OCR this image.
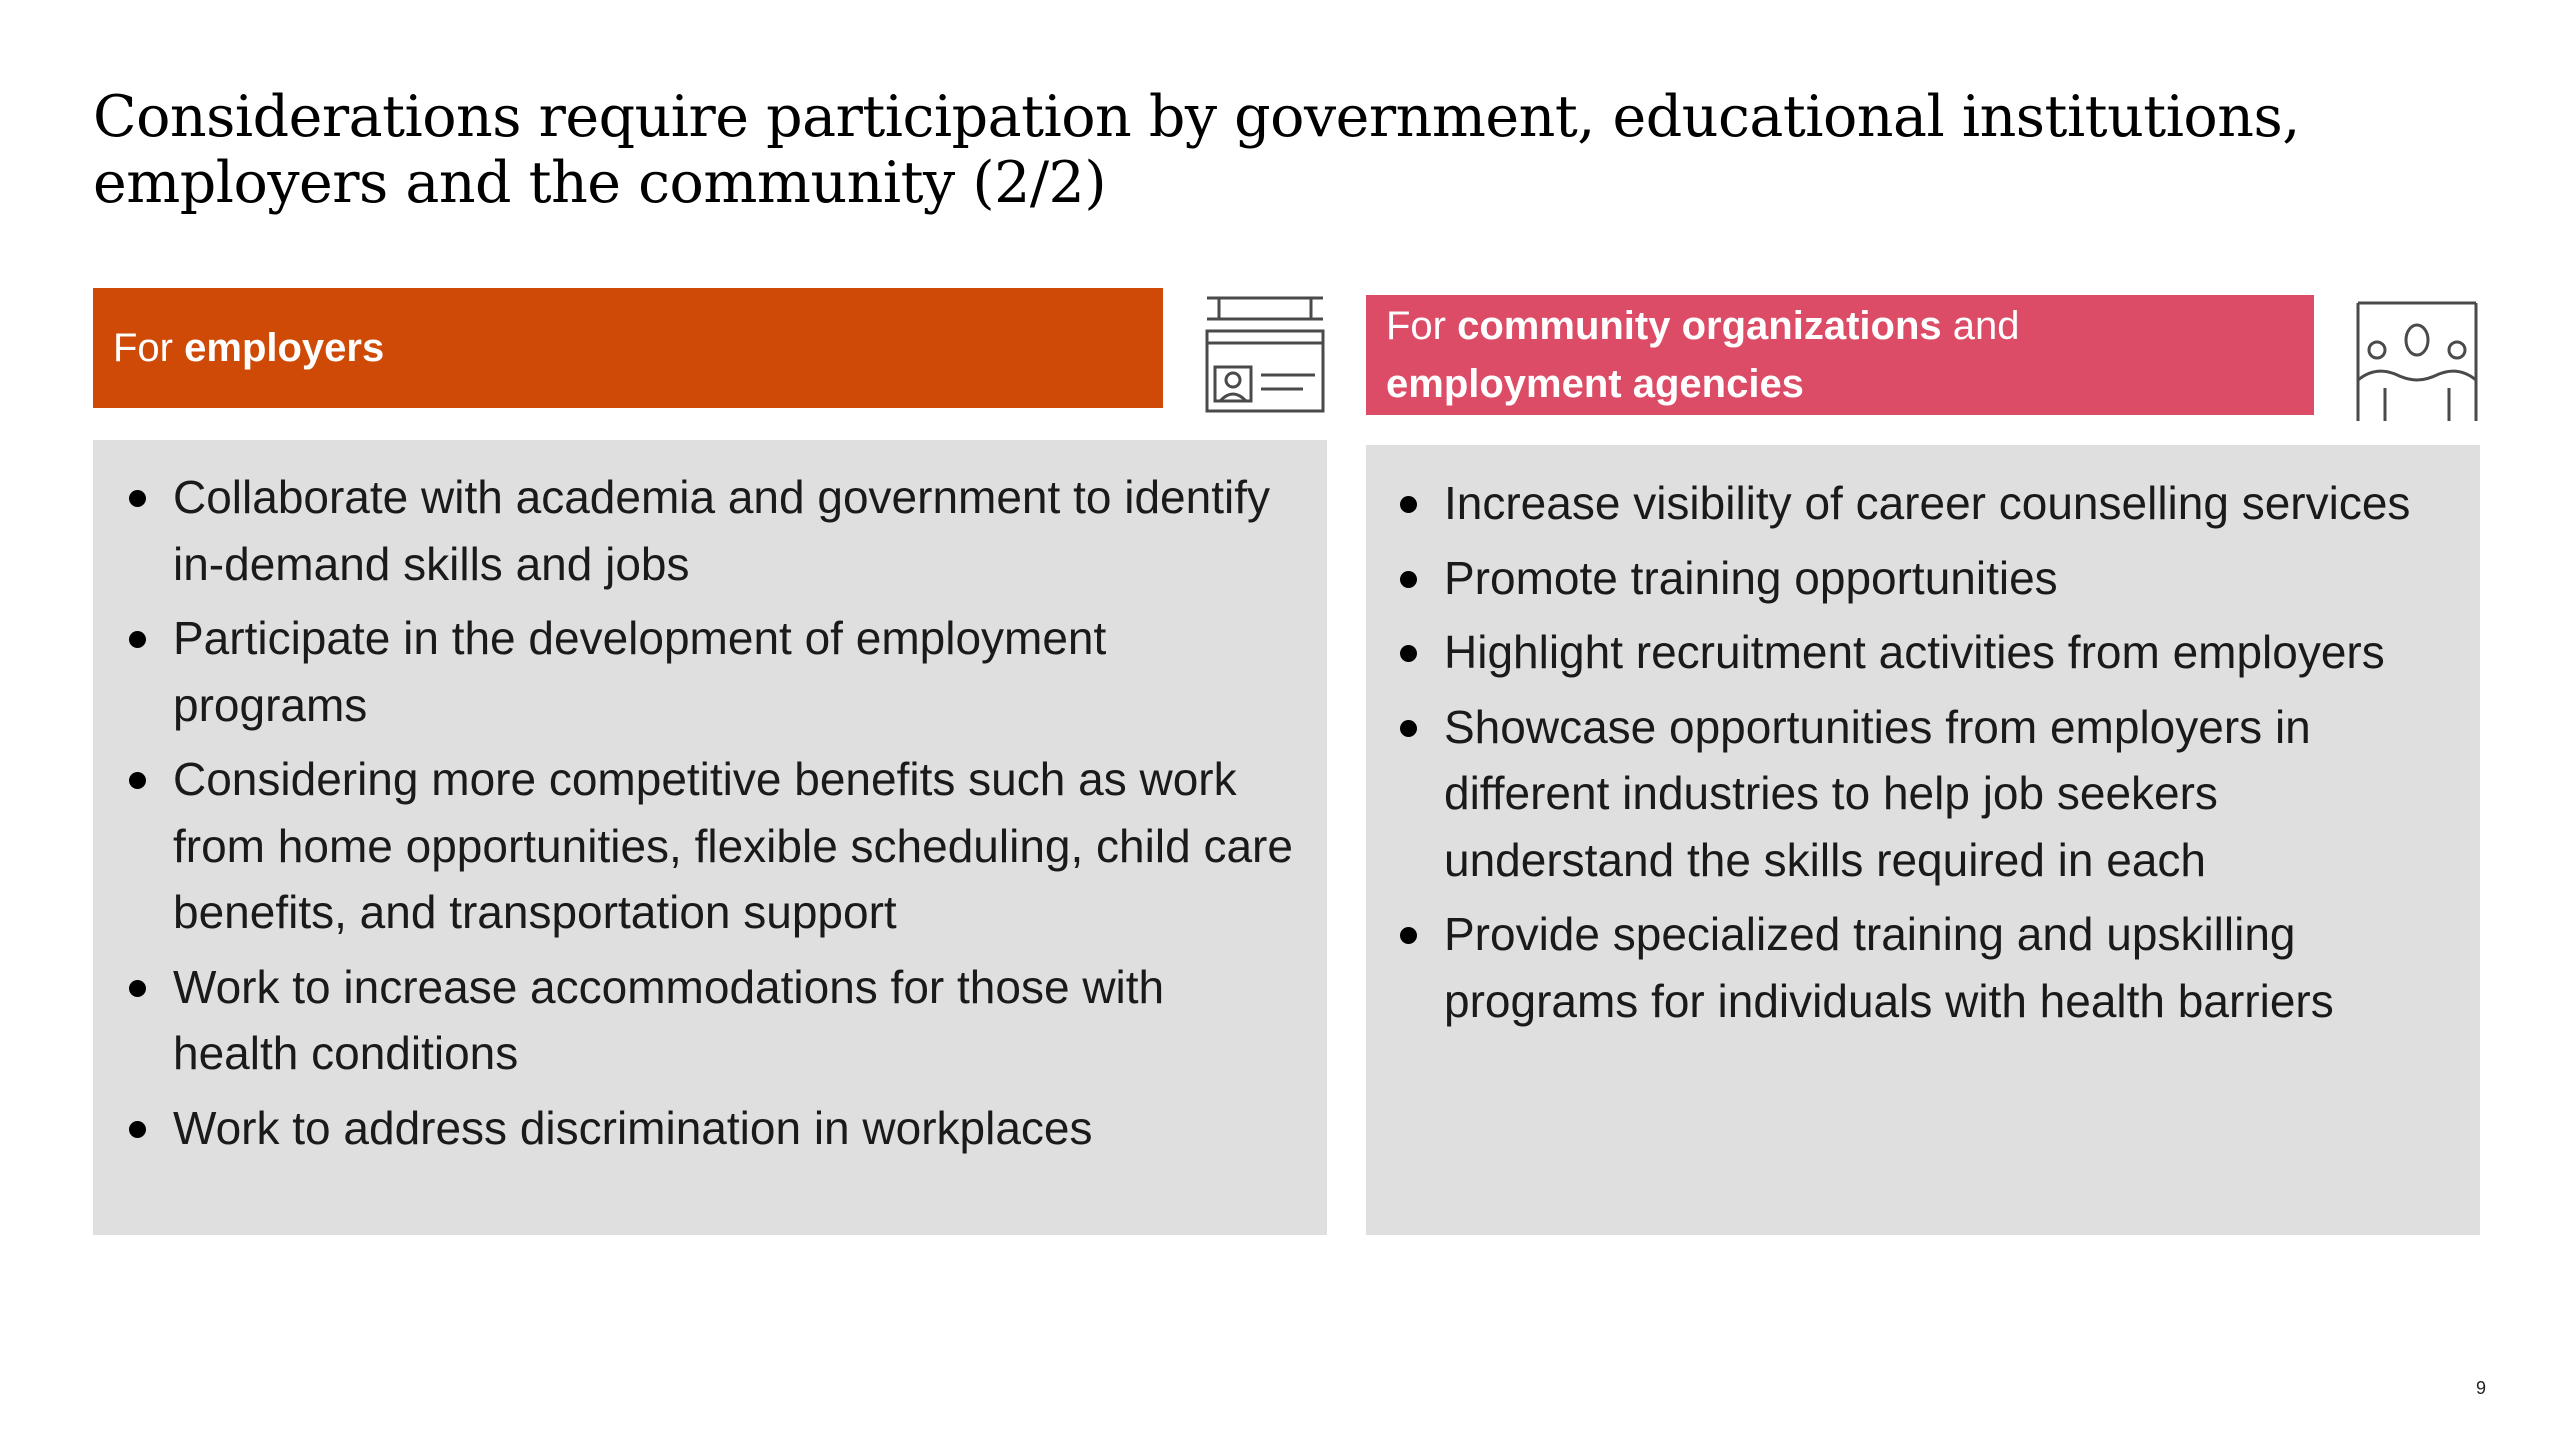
Considerations require participation by government, educational institutions, employers and the community (2/2)
For employers
Collaborate with academia and government to identify in-demand skills and jobs
Participate in the development of employment programs
Considering more competitive benefits such as work from home opportunities, flexible scheduling, child care benefits, and transportation support
Work to increase accommodations for those with health conditions
Work to address discrimination in workplaces
For community organizations and
employment agencies
Increase visibility of career counselling services
Promote training opportunities
Highlight recruitment activities from employers
Showcase opportunities from employers in different industries to help job seekers understand the skills required in each
Provide specialized training and upskilling programs for individuals with health barriers
9
